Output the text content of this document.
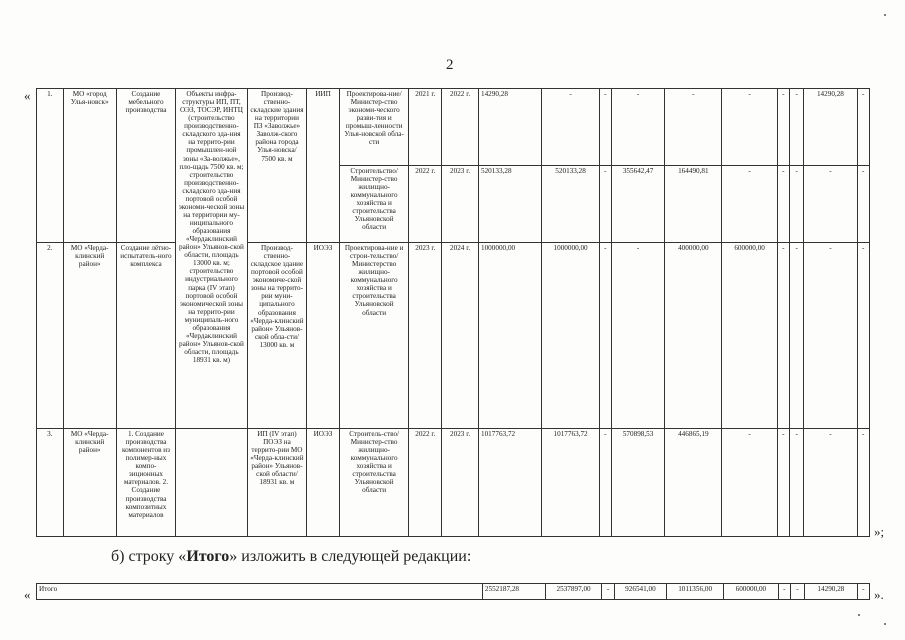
2
«
»;
1.	МО «город Улья-новск»	Создание мебельного производства	Объекты инфра-структуры ИП, ПТ, ОЭЗ, ТОСЭР, ИНТЦ (строительство производственно-складского зда-ния на террито-рии промышлен-ной зоны «За-волжье», пло-щадь 7500 кв. м; строительство производственно-складского зда-ния портовой особой экономи-ческой зоны на территории му-ниципального образования «Чердаклинский район» Ульянов-ской области, площадь 13000 кв. м; строительство индустриального парка (IV этап) портовой особой экономической зоны на террито-рии муниципаль-ного образования «Чердаклинский район» Ульянов-ской области, площадь 18931 кв. м)	Производ-ственно-складские здания на территории ПЗ «Заволжье» Заволж-ского района города Улья-новска/ 7500 кв. м	ИИП	Проектирова-ние/Министер-ство экономи-ческого разви-тия и промыш-ленности Улья-новской обла-сти	2021 г.	2022 г.	14290,28	-	-	-	-	-	-	-	14290,28	-
						Строительство/Министер-ство жилищно-коммунального хозяйства и строительства Ульяновской области	2022 г.	2023 г.	520133,28	520133,28	-	355642,47	164490,81	-	-	-	-	-
2.	МО «Черда-клинский район»	Создание лётно-испытатель-ного комплекса		Производ-ственно-складское здание портовой особой экономиче-ской зоны на террито-рии муни-ципального образования «Черда-клинский район» Ульянов-ской обла-сти/ 13000 кв. м	ИОЭЗ	Проектирова-ние и строи-тельство/ Министерство жилищно-коммунального хозяйства и строительства Ульяновской области	2023 г.	2024 г.	1000000,00	1000000,00	-	-	400000,00	600000,00	-	-	-	-
3.	МО «Черда-клинский район»	1. Создание производства компонентов из полимер-ных компо-зиционных материалов. 2. Создание производства композитных материалов		ИП (IV этап) ПОЭЗ на террито-рии МО «Черда-клинский район» Ульянов-ской области/ 18931 кв. м	ИОЭЗ	Строитель-ство/Министер-ство жилищно-коммунального хозяйства и строительства Ульяновской области	2022 г.	2023 г.	1017763,72	1017763,72	-	570898,53	446865,19	-	-	-	-	-
б) строку «Итого» изложить в следующей редакции:
«	».
Итого	2552187,28	2537897,00	-	926541,00	1011356,00	600000,00	-	-	14290,28	-
